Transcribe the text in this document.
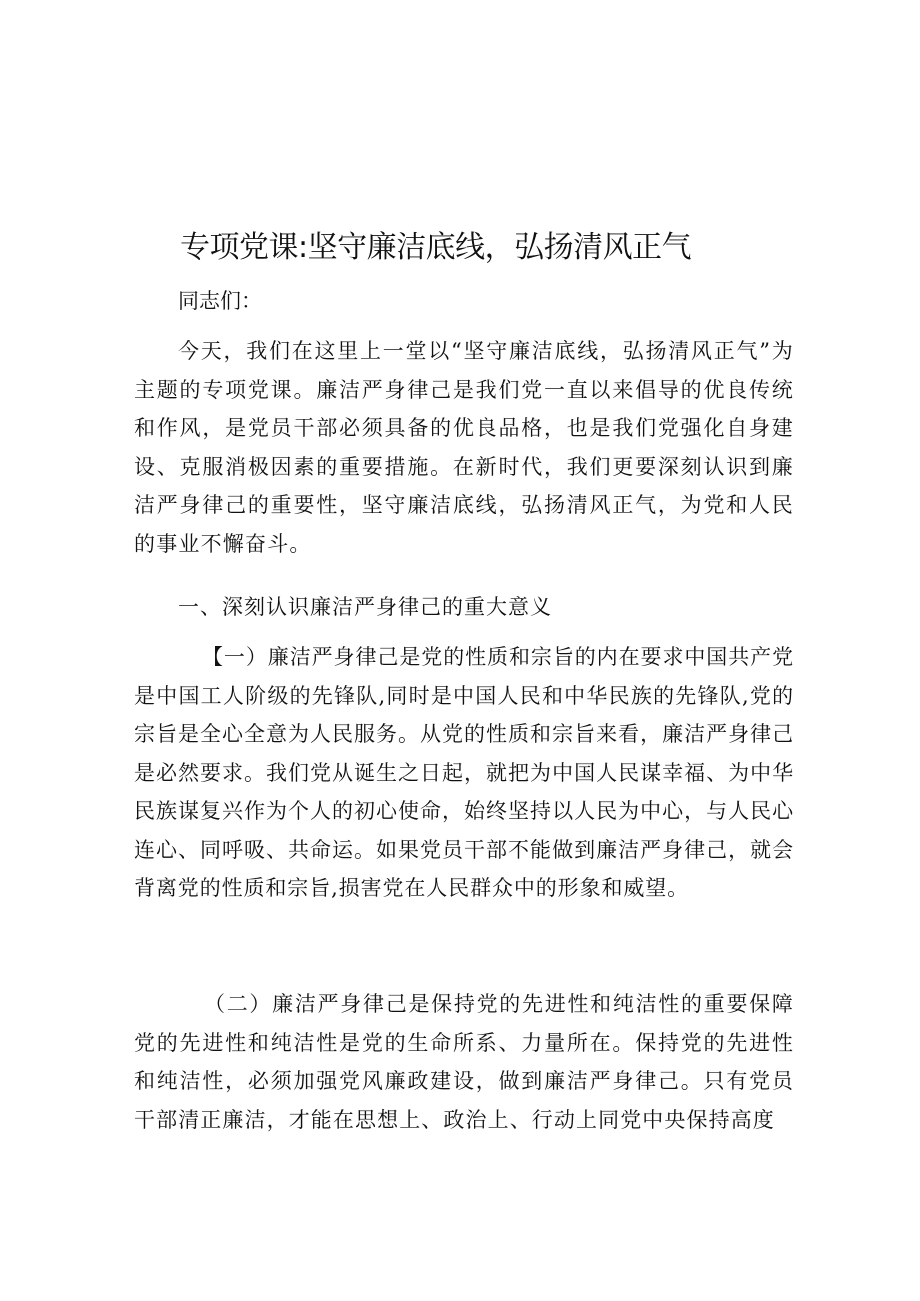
专项党课:坚守廉洁底线，弘扬清风正气

同志们：

今天，我们在这里上一堂以“坚守廉洁底线，弘扬清风正气”为主题的专项党课。廉洁严身律己是我们党一直以来倡导的优良传统和作风，是党员干部必须具备的优良品格，也是我们党强化自身建设、克服消极因素的重要措施。在新时代，我们更要深刻认识到廉洁严身律己的重要性，坚守廉洁底线，弘扬清风正气，为党和人民的事业不懈奋斗。

一、深刻认识廉洁严身律己的重大意义

【一）廉洁严身律己是党的性质和宗旨的内在要求中国共产党是中国工人阶级的先锋队,同时是中国人民和中华民族的先锋队,党的宗旨是全心全意为人民服务。从党的性质和宗旨来看，廉洁严身律己是必然要求。我们党从诞生之日起，就把为中国人民谋幸福、为中华民族谋复兴作为个人的初心使命，始终坚持以人民为中心，与人民心连心、同呼吸、共命运。如果党员干部不能做到廉洁严身律己，就会背离党的性质和宗旨,损害党在人民群众中的形象和威望。

（二）廉洁严身律己是保持党的先进性和纯洁性的重要保障党的先进性和纯洁性是党的生命所系、力量所在。保持党的先进性和纯洁性，必须加强党风廉政建设，做到廉洁严身律己。只有党员干部清正廉洁，才能在思想上、政治上、行动上同党中央保持高度
